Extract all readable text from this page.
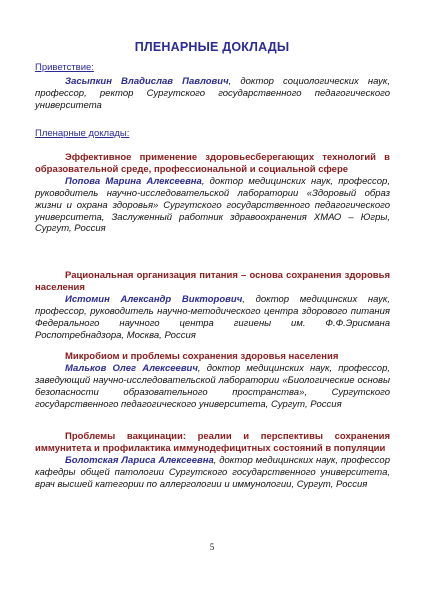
ПЛЕНАРНЫЕ ДОКЛАДЫ
Приветствие:
Засыпкин Владислав Павлович, доктор социологических наук, профессор, ректор Сургутского государственного педагогического университета
Пленарные доклады:
Эффективное применение здоровьесберегающих технологий в образовательной среде, профессиональной и социальной сфере
Попова Марина Алексеевна, доктор медицинских наук, профессор, руководитель научно-исследовательской лаборатории «Здоровый образ жизни и охрана здоровья» Сургутского государственного педагогического университета, Заслуженный работник здравоохранения ХМАО – Югры, Сургут, Россия
Рациональная организация питания – основа сохранения здоровья населения
Истомин Александр Викторович, доктор медицинских наук, профессор, руководитель научно-методического центра здорового питания Федерального научного центра гигиены им. Ф.Ф.Эрисмана Роспотребнадзора, Москва, Россия
Микробиом и проблемы сохранения здоровья населения
Мальков Олег Алексеевич, доктор медицинских наук, профессор, заведующий научно-исследовательской лаборатории «Биологические основы безопасности образовательного пространства», Сургутского государственного педагогического университета, Сургут, Россия
Проблемы вакцинации: реалии и перспективы сохранения иммунитета и профилактика иммунодефицитных состояний в популяции
Болотская Лариса Алексеевна, доктор медицинских наук, профессор кафедры общей патологии Сургутского государственного университета, врач высшей категории по аллергологии и иммунологии, Сургут, Россия
5
